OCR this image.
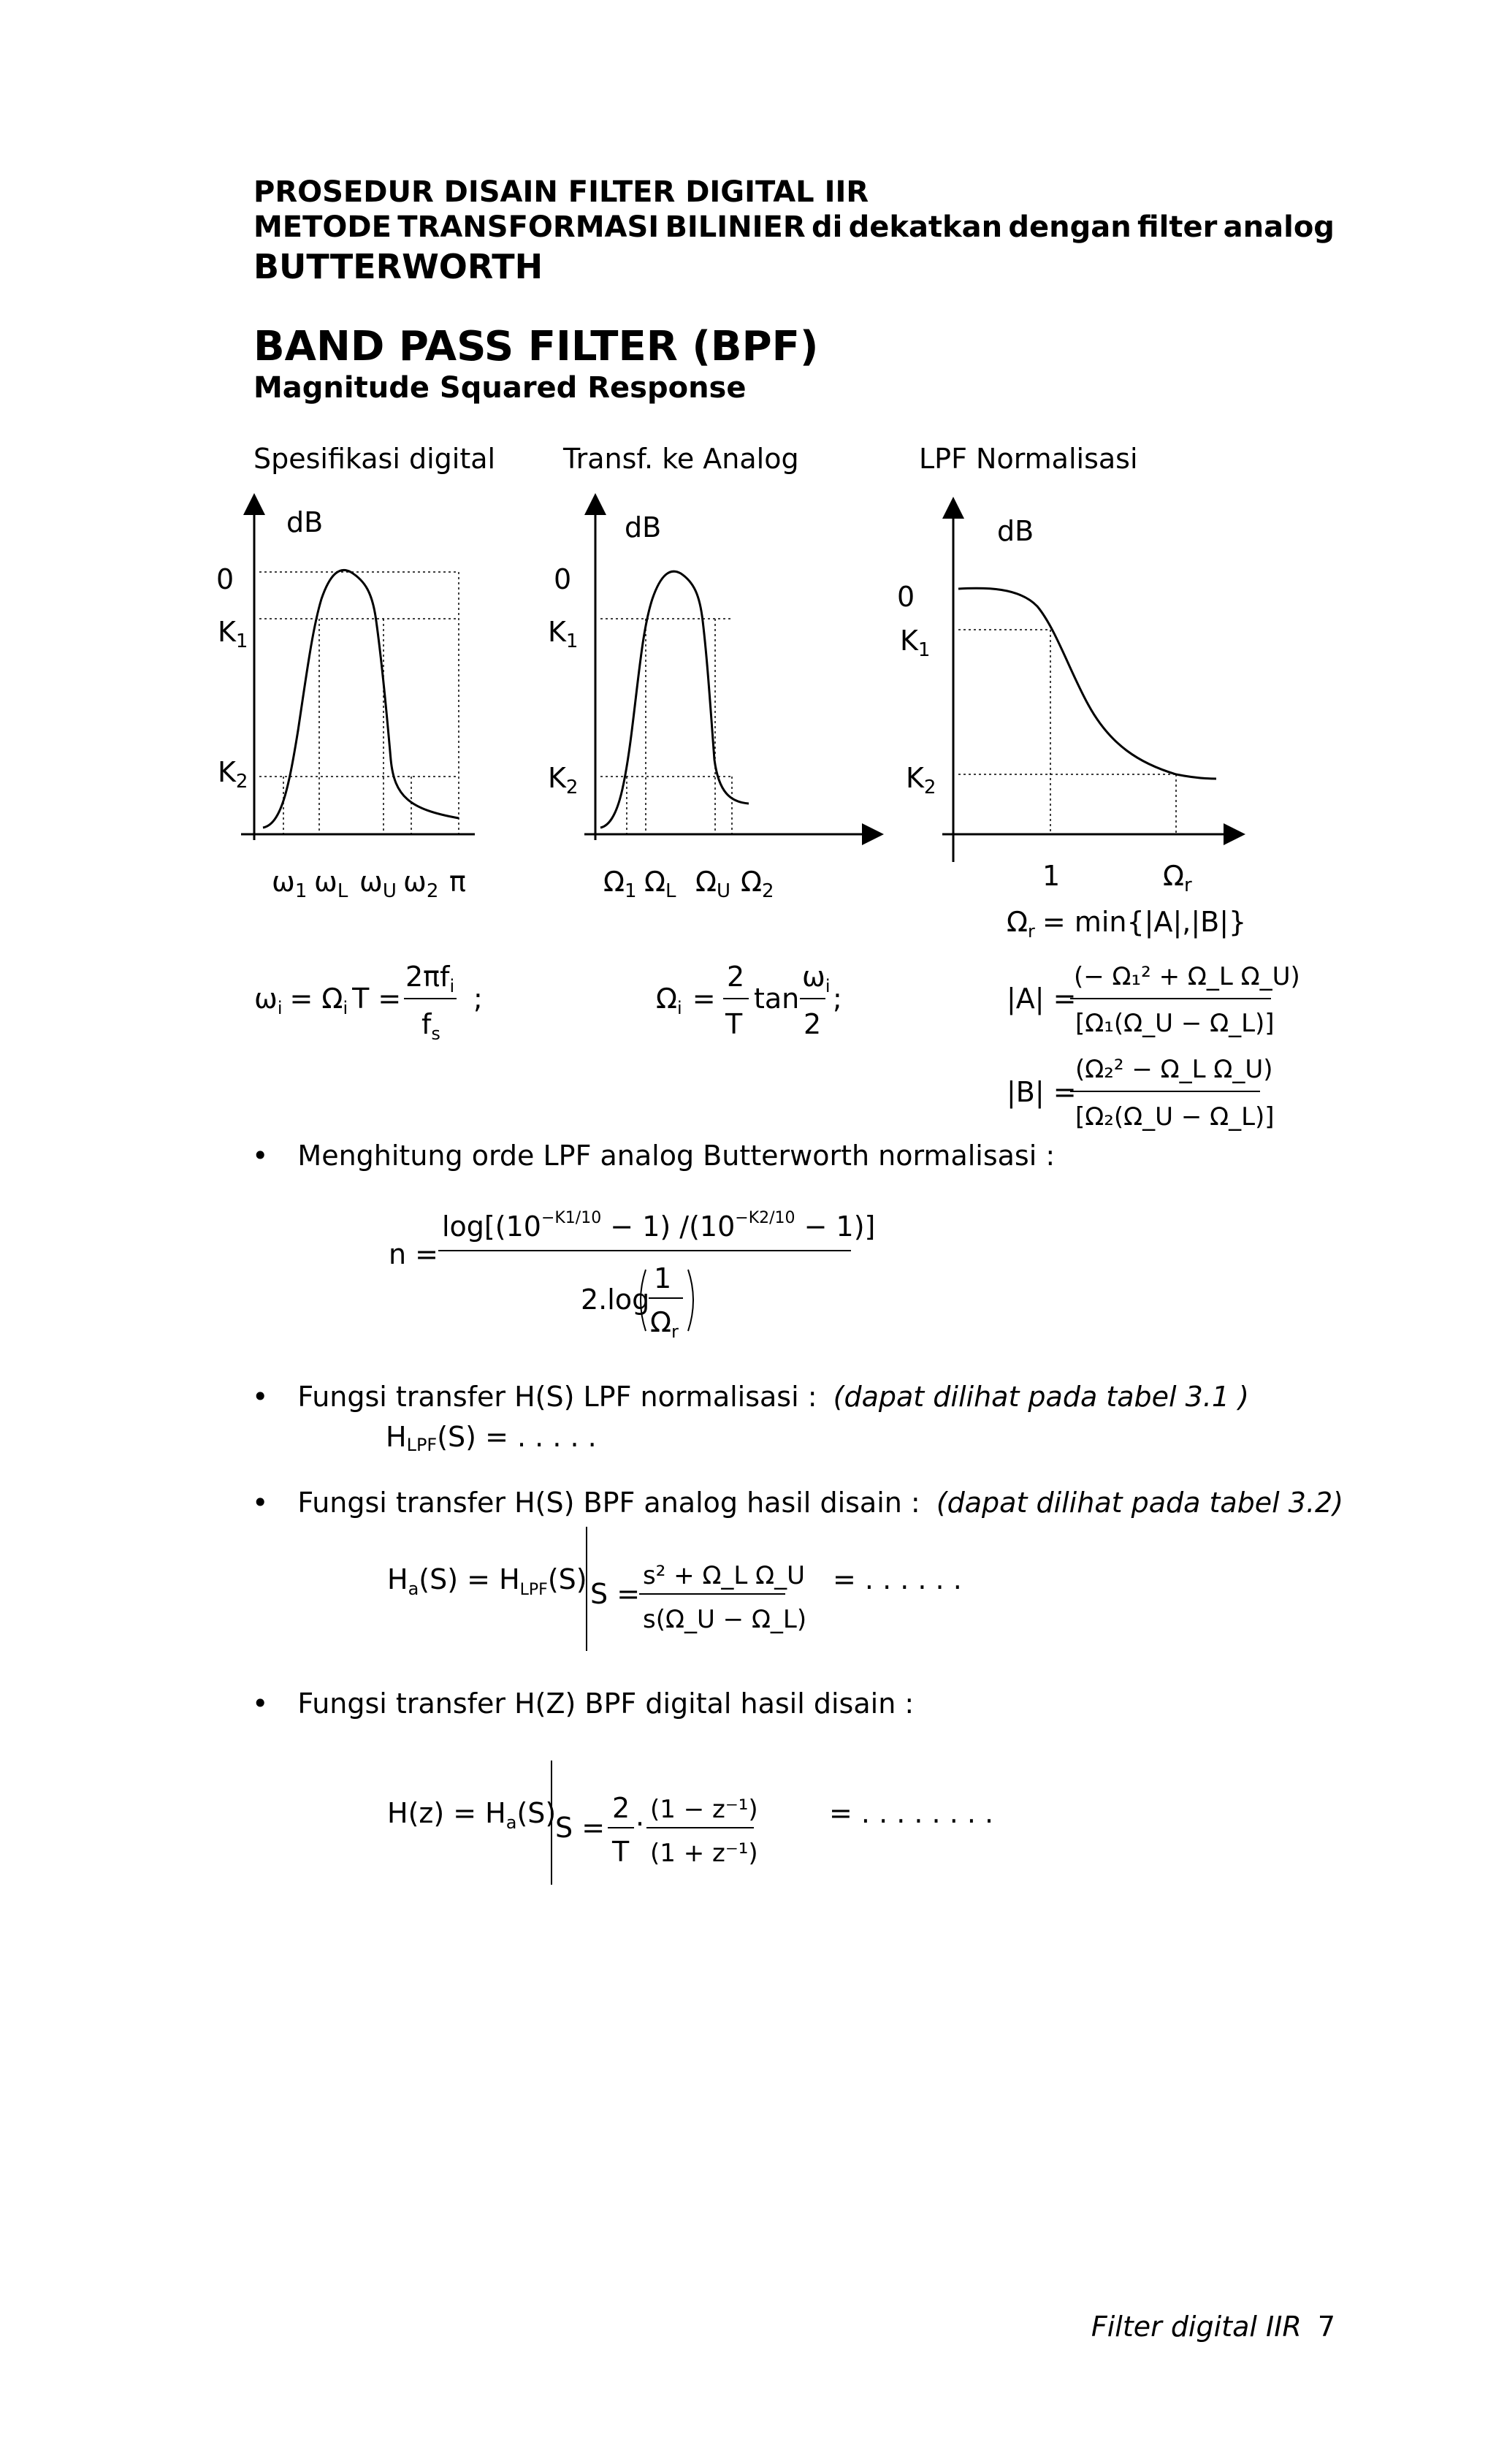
PROSEDUR DISAIN FILTER DIGITAL IIR
METODE TRANSFORMASI BILINIER di dekatkan dengan filter analog
BUTTERWORTH
BAND PASS FILTER (BPF)
Magnitude Squared Response
Spesifikasi digital Transf. ke Analog	LPF Normalisasi
dB
0
$K_1$
$K_2$
$\omega_1$ $\omega_L$ $\omega_U$ $\omega_2$ π
dB
0
$K_1$
$K_2$
$\Omega_1$ $\Omega_L$ $\Omega_U$ $\Omega_2$
dB
0
$K_1$
$K_2$
1	$\Omega_r$
$\omega_i = \Omega_i$ T =
$2\pi f_i$
$f_s$
;	$\Omega_i$ =
2
T
tan
$\omega_i$
2
;
$\Omega_r = \min\{|A|,|B|\}$
|A| =
(− Ω₁² + Ω_L Ω_U)
[Ω₁(Ω_U − Ω_L)]
|B| =
(Ω₂² − Ω_L Ω_U)
[Ω₂(Ω_U − Ω_L)]
• Menghitung orde LPF analog Butterworth normalisasi :
n =
$\log[(10^{-K1/10} - 1) /(10^{-K2/10} - 1)]$
2.log
1
$\Omega_r$
• Fungsi transfer H(S) LPF normalisasi : (dapat dilihat pada tabel 3.1 )
HLPF(S) = . . . . .
• Fungsi transfer H(S) BPF analog hasil disain : (dapat dilihat pada tabel 3.2)
$H_a(S) = H_{LPF}(S) S$ =
s² + Ω_L Ω_U
s(Ω_U − Ω_L)
= . . . . . .
• Fungsi transfer H(Z) BPF digital hasil disain :
$H(z) = H_a(S)$
S =
2
T
· (1 − z⁻¹)
(1 + z⁻¹)
= . . . . . . . .
Filter digital IIR 7
